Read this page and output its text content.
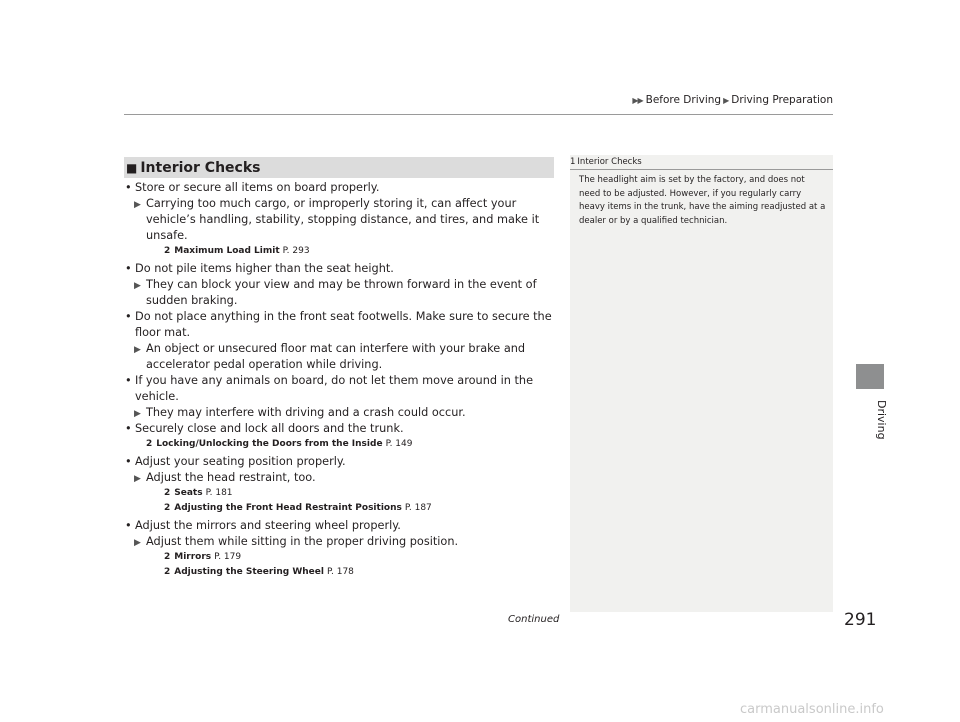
▶▶ Before Driving ▶ Driving Preparation
Driving
■ Interior Checks
• Store or secure all items on board properly.
▶ Carrying too much cargo, or improperly storing it, can affect your vehicle’s handling, stability, stopping distance, and tires, and make it unsafe.
2 Maximum Load Limit P. 293
• Do not pile items higher than the seat height.
▶ They can block your view and may be thrown forward in the event of sudden braking.
• Do not place anything in the front seat footwells. Make sure to secure the floor mat.
▶ An object or unsecured floor mat can interfere with your brake and accelerator pedal operation while driving.
• If you have any animals on board, do not let them move around in the vehicle.
▶ They may interfere with driving and a crash could occur.
• Securely close and lock all doors and the trunk.
2 Locking/Unlocking the Doors from the Inside P. 149
• Adjust your seating position properly.
▶ Adjust the head restraint, too.
2 Seats P. 181
2 Adjusting the Front Head Restraint Positions P. 187
• Adjust the mirrors and steering wheel properly.
▶ Adjust them while sitting in the proper driving position.
2 Mirrors P. 179
2 Adjusting the Steering Wheel P. 178
1 Interior Checks
The headlight aim is set by the factory, and does not need to be adjusted. However, if you regularly carry heavy items in the trunk, have the aiming readjusted at a dealer or by a qualified technician.
Continued	291
carmanualsonline.info
